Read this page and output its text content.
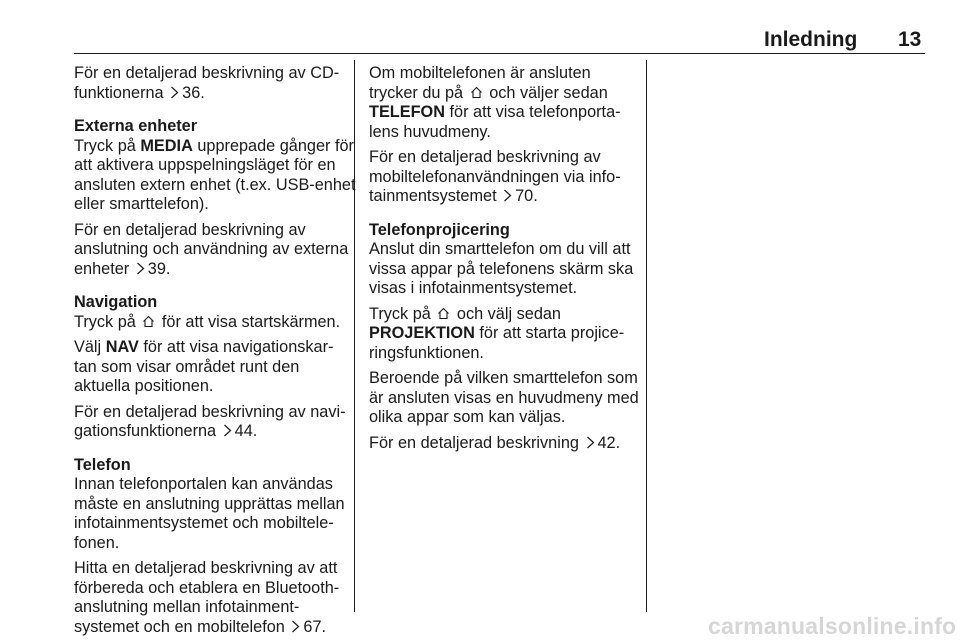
Inledning 13

För en detaljerad beskrivning av CD-funktionerna 36.

Externa enheter

Tryck på MEDIA upprepade gånger för att aktivera uppspelningsläget för en ansluten extern enhet (t.ex. USB-enhet eller smarttelefon).

För en detaljerad beskrivning av anslutning och användning av externa enheter 39.

Navigation

Tryck på för att visa startskärmen.

Välj NAV för att visa navigationskar-tan som visar området runt den aktuella positionen.

För en detaljerad beskrivning av navi-gationsfunktionerna 44.

Telefon

Innan telefonportalen kan användas måste en anslutning upprättas mellan infotainmentsystemet och mobiltele-fonen.

Hitta en detaljerad beskrivning av att förbereda och etablera en Bluetooth-anslutning mellan infotainment-systemet och en mobiltelefon 67.

Om mobiltelefonen är ansluten trycker du på och väljer sedan TELEFON för att visa telefonporta-lens huvudmeny.

För en detaljerad beskrivning av mobiltelefonanvändningen via info-tainmentsystemet 70.

Telefonprojicering

Anslut din smarttelefon om du vill att vissa appar på telefonens skärm ska visas i infotainmentsystemet.

Tryck på och välj sedan PROJEKTION för att starta projice-ringsfunktionen.

Beroende på vilken smarttelefon som är ansluten visas en huvudmeny med olika appar som kan väljas.

För en detaljerad beskrivning 42.

carmanualsonline.info
